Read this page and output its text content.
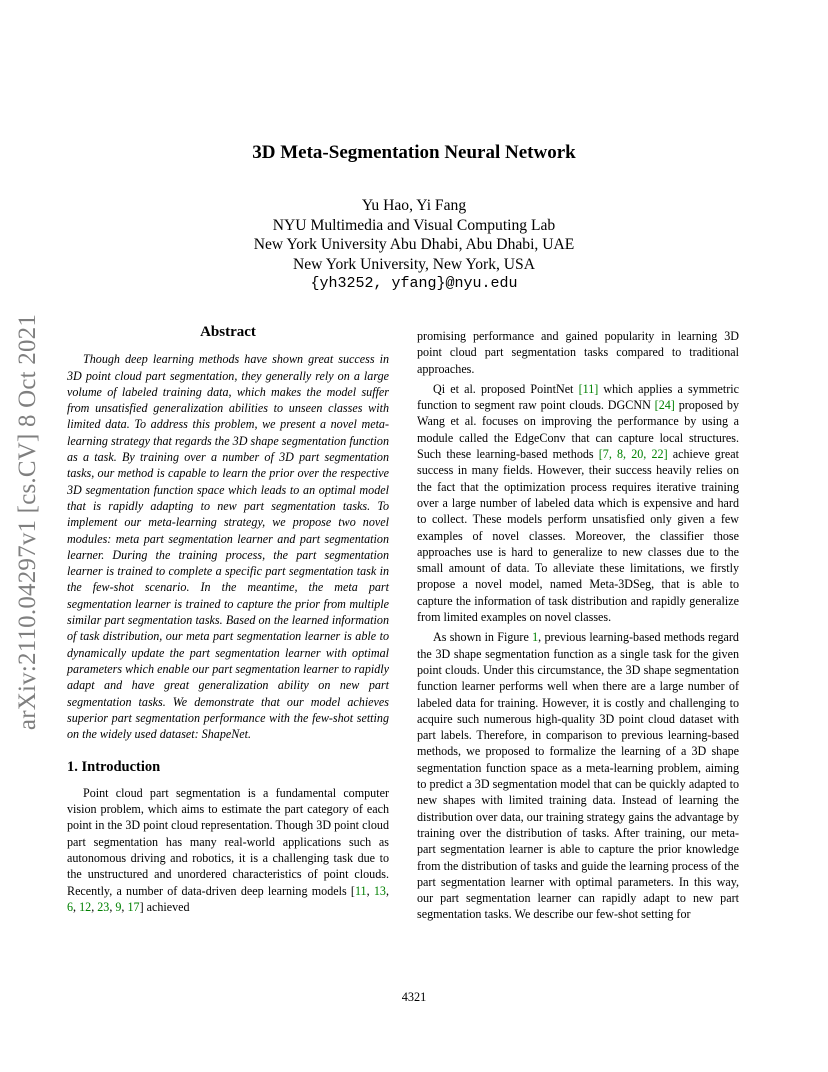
arXiv:2110.04297v1 [cs.CV] 8 Oct 2021
3D Meta-Segmentation Neural Network
Yu Hao, Yi Fang
NYU Multimedia and Visual Computing Lab
New York University Abu Dhabi, Abu Dhabi, UAE
New York University, New York, USA
{yh3252, yfang}@nyu.edu
Abstract

Though deep learning methods have shown great success in 3D point cloud part segmentation, they generally rely on a large volume of labeled training data, which makes the model suffer from unsatisfied generalization abilities to unseen classes with limited data. To address this problem, we present a novel meta-learning strategy that regards the 3D shape segmentation function as a task. By training over a number of 3D part segmentation tasks, our method is capable to learn the prior over the respective 3D segmentation function space which leads to an optimal model that is rapidly adapting to new part segmentation tasks. To implement our meta-learning strategy, we propose two novel modules: meta part segmentation learner and part segmentation learner. During the training process, the part segmentation learner is trained to complete a specific part segmentation task in the few-shot scenario. In the meantime, the meta part segmentation learner is trained to capture the prior from multiple similar part segmentation tasks. Based on the learned information of task distribution, our meta part segmentation learner is able to dynamically update the part segmentation learner with optimal parameters which enable our part segmentation learner to rapidly adapt and have great generalization ability on new part segmentation tasks. We demonstrate that our model achieves superior part segmentation performance with the few-shot setting on the widely used dataset: ShapeNet.

1. Introduction

Point cloud part segmentation is a fundamental computer vision problem, which aims to estimate the part category of each point in the 3D point cloud representation. Though 3D point cloud part segmentation has many real-world applications such as autonomous driving and robotics, it is a challenging task due to the unstructured and unordered characteristics of point clouds. Recently, a number of data-driven deep learning models [11, 13, 6, 12, 23, 9, 17] achieved

promising performance and gained popularity in learning 3D point cloud part segmentation tasks compared to traditional approaches.

Qi et al. proposed PointNet [11] which applies a symmetric function to segment raw point clouds. DGCNN [24] proposed by Wang et al. focuses on improving the performance by using a module called the EdgeConv that can capture local structures. Such these learning-based methods [7, 8, 20, 22] achieve great success in many fields. However, their success heavily relies on the fact that the optimization process requires iterative training over a large number of labeled data which is expensive and hard to collect. These models perform unsatisfied only given a few examples of novel classes. Moreover, the classifier those approaches use is hard to generalize to new classes due to the small amount of data. To alleviate these limitations, we firstly propose a novel model, named Meta-3DSeg, that is able to capture the information of task distribution and rapidly generalize from limited examples on novel classes.

As shown in Figure 1, previous learning-based methods regard the 3D shape segmentation function as a single task for the given point clouds. Under this circumstance, the 3D shape segmentation function learner performs well when there are a large number of labeled data for training. However, it is costly and challenging to acquire such numerous high-quality 3D point cloud dataset with part labels. Therefore, in comparison to previous learning-based methods, we proposed to formalize the learning of a 3D shape segmentation function space as a meta-learning problem, aiming to predict a 3D segmentation model that can be quickly adapted to new shapes with limited training data. Instead of learning the distribution over data, our training strategy gains the advantage by training over the distribution of tasks. After training, our meta-part segmentation learner is able to capture the prior knowledge from the distribution of tasks and guide the learning process of the part segmentation learner with optimal parameters. In this way, our part segmentation learner can rapidly adapt to new part segmentation tasks. We describe our few-shot setting for

4321
